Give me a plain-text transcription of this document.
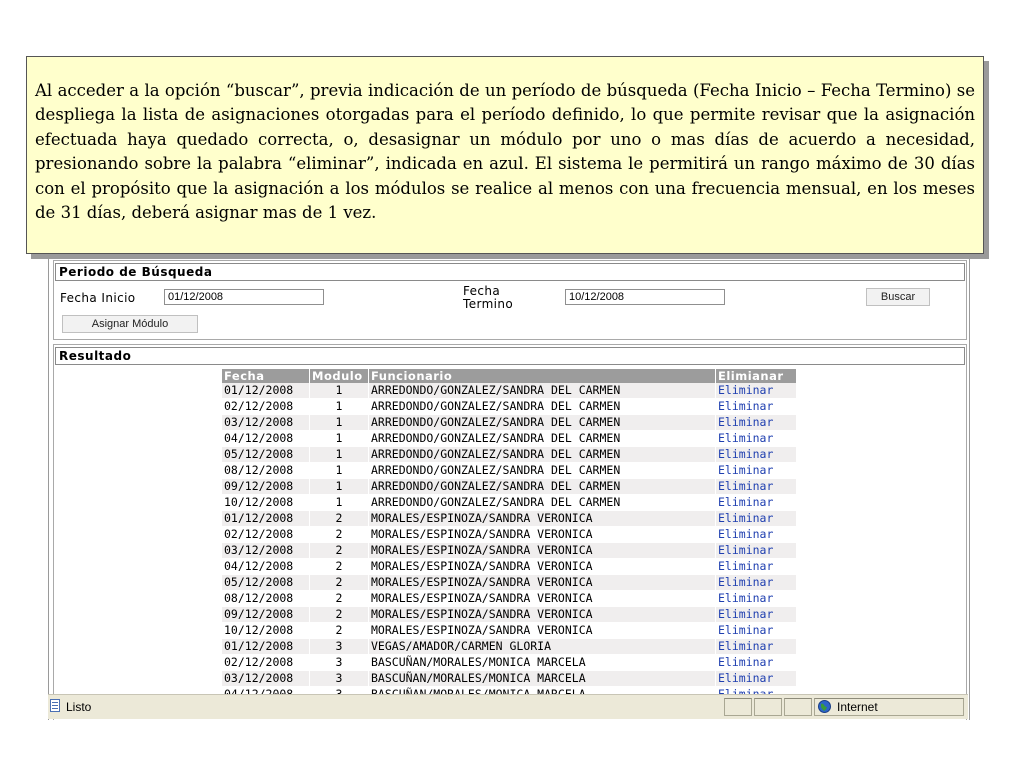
Periodo de Búsqueda
Fecha Inicio
01/12/2008	Fecha
Termino
10/12/2008	Buscar
Asignar Módulo
Resultado
Fecha	Modulo	Funcionario	Elimianar
01/12/2008	1	ARREDONDO/GONZALEZ/SANDRA DEL CARMEN	Eliminar
02/12/2008	1	ARREDONDO/GONZALEZ/SANDRA DEL CARMEN	Eliminar
03/12/2008	1	ARREDONDO/GONZALEZ/SANDRA DEL CARMEN	Eliminar
04/12/2008	1	ARREDONDO/GONZALEZ/SANDRA DEL CARMEN	Eliminar
05/12/2008	1	ARREDONDO/GONZALEZ/SANDRA DEL CARMEN	Eliminar
08/12/2008	1	ARREDONDO/GONZALEZ/SANDRA DEL CARMEN	Eliminar
09/12/2008	1	ARREDONDO/GONZALEZ/SANDRA DEL CARMEN	Eliminar
10/12/2008	1	ARREDONDO/GONZALEZ/SANDRA DEL CARMEN	Eliminar
01/12/2008	2	MORALES/ESPINOZA/SANDRA VERONICA	Eliminar
02/12/2008	2	MORALES/ESPINOZA/SANDRA VERONICA	Eliminar
03/12/2008	2	MORALES/ESPINOZA/SANDRA VERONICA	Eliminar
04/12/2008	2	MORALES/ESPINOZA/SANDRA VERONICA	Eliminar
05/12/2008	2	MORALES/ESPINOZA/SANDRA VERONICA	Eliminar
08/12/2008	2	MORALES/ESPINOZA/SANDRA VERONICA	Eliminar
09/12/2008	2	MORALES/ESPINOZA/SANDRA VERONICA	Eliminar
10/12/2008	2	MORALES/ESPINOZA/SANDRA VERONICA	Eliminar
01/12/2008	3	VEGAS/AMADOR/CARMEN GLORIA	Eliminar
02/12/2008	3	BASCUÑAN/MORALES/MONICA MARCELA	Eliminar
03/12/2008	3	BASCUÑAN/MORALES/MONICA MARCELA	Eliminar

Listo	Internet

Al acceder a la opción “buscar”, previa indicación de un período de búsqueda (Fecha Inicio – Fecha Termino) se despliega la lista de asignaciones otorgadas para el período definido, lo que permite revisar que la asignación efectuada haya quedado correcta, o, desasignar un módulo por uno o mas días de acuerdo a necesidad, presionando sobre la palabra “eliminar”, indicada en azul. El sistema le permitirá un rango máximo de 30 días con el propósito que la asignación a los módulos se realice al menos con una frecuencia mensual, en los meses de 31 días, deberá asignar mas de 1 vez.
